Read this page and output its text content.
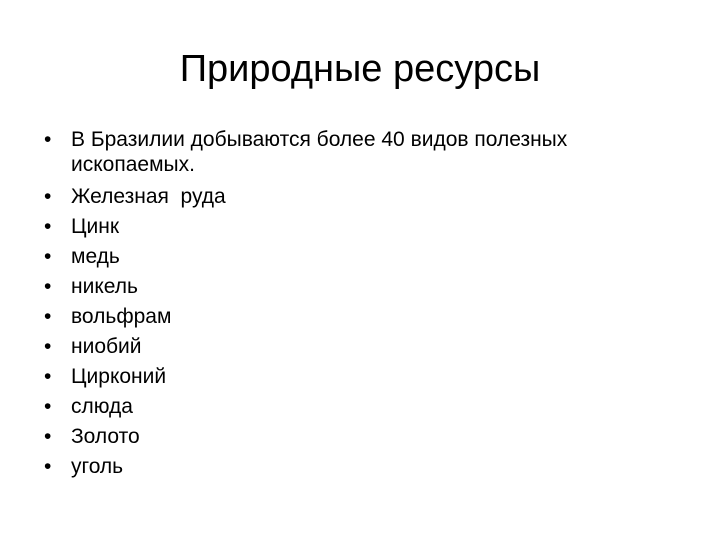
Природные ресурсы
• В Бразилии добываются более 40 видов полезных ископаемых.
• Железная  руда
• Цинк
• медь
• никель
• вольфрам
• ниобий
• Цирконий
• слюда
• Золото
• уголь
